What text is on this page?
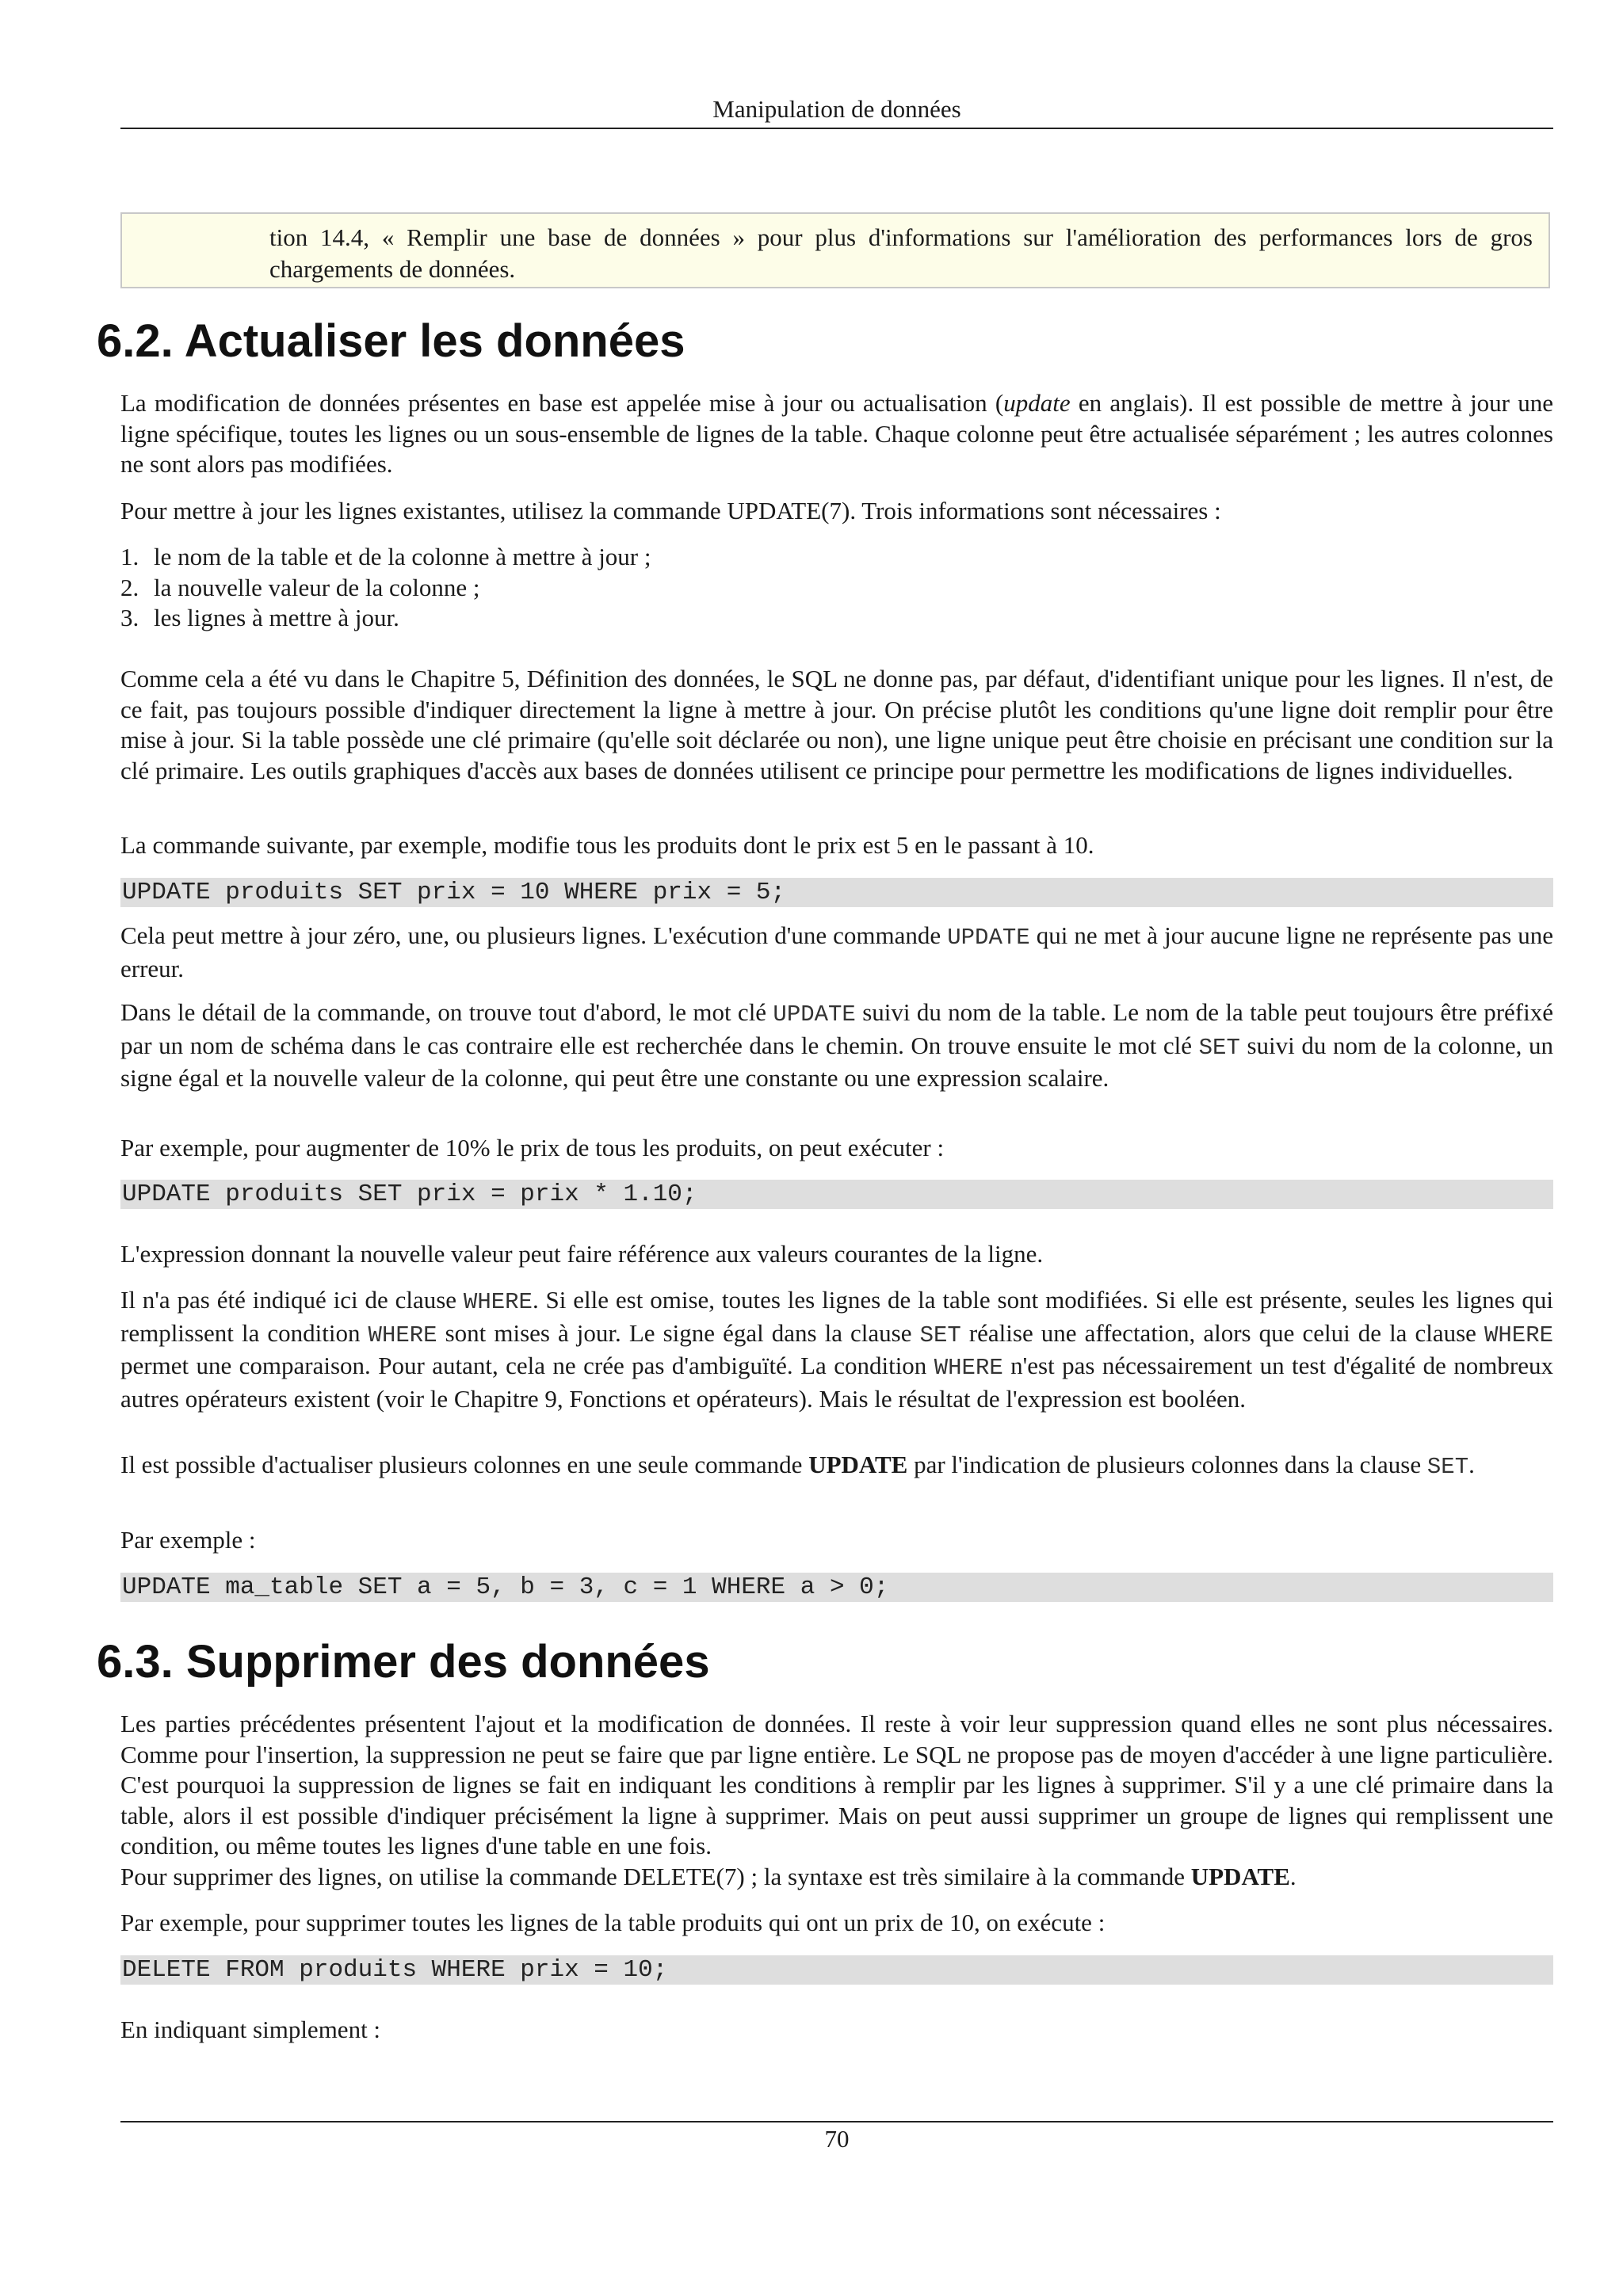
Manipulation de données

tion 14.4, « Remplir une base de données » pour plus d'informations sur l'amélioration des performances lors de gros chargements de données.

6.2. Actualiser les données

La modification de données présentes en base est appelée mise à jour ou actualisation (update en anglais). Il est possible de mettre à jour une ligne spécifique, toutes les lignes ou un sous-ensemble de lignes de la table. Chaque colonne peut être actualisée séparément ; les autres colonnes ne sont alors pas modifiées.

Pour mettre à jour les lignes existantes, utilisez la commande UPDATE(7). Trois informations sont nécessaires :

1. le nom de la table et de la colonne à mettre à jour ;
2. la nouvelle valeur de la colonne ;
3. les lignes à mettre à jour.

Comme cela a été vu dans le Chapitre 5, Définition des données, le SQL ne donne pas, par défaut, d'identifiant unique pour les lignes. Il n'est, de ce fait, pas toujours possible d'indiquer directement la ligne à mettre à jour. On précise plutôt les conditions qu'une ligne doit remplir pour être mise à jour. Si la table possède une clé primaire (qu'elle soit déclarée ou non), une ligne unique peut être choisie en précisant une condition sur la clé primaire. Les outils graphiques d'accès aux bases de données utilisent ce principe pour permettre les modifications de lignes individuelles.

La commande suivante, par exemple, modifie tous les produits dont le prix est 5 en le passant à 10.

UPDATE produits SET prix = 10 WHERE prix = 5;

Cela peut mettre à jour zéro, une, ou plusieurs lignes. L'exécution d'une commande UPDATE qui ne met à jour aucune ligne ne représente pas une erreur.

Dans le détail de la commande, on trouve tout d'abord, le mot clé UPDATE suivi du nom de la table. Le nom de la table peut toujours être préfixé par un nom de schéma dans le cas contraire elle est recherchée dans le chemin. On trouve ensuite le mot clé SET suivi du nom de la colonne, un signe égal et la nouvelle valeur de la colonne, qui peut être une constante ou une expression scalaire.

Par exemple, pour augmenter de 10% le prix de tous les produits, on peut exécuter :

UPDATE produits SET prix = prix * 1.10;

L'expression donnant la nouvelle valeur peut faire référence aux valeurs courantes de la ligne.

Il n'a pas été indiqué ici de clause WHERE. Si elle est omise, toutes les lignes de la table sont modifiées. Si elle est présente, seules les lignes qui remplissent la condition WHERE sont mises à jour. Le signe égal dans la clause SET réalise une affectation, alors que celui de la clause WHERE permet une comparaison. Pour autant, cela ne crée pas d'ambiguïté. La condition WHERE n'est pas nécessairement un test d'égalité de nombreux autres opérateurs existent (voir le Chapitre 9, Fonctions et opérateurs). Mais le résultat de l'expression est booléen.

Il est possible d'actualiser plusieurs colonnes en une seule commande UPDATE par l'indication de plusieurs colonnes dans la clause SET.

Par exemple :

UPDATE ma_table SET a = 5, b = 3, c = 1 WHERE a > 0;
6.3. Supprimer des données

Les parties précédentes présentent l'ajout et la modification de données. Il reste à voir leur suppression quand elles ne sont plus nécessaires. Comme pour l'insertion, la suppression ne peut se faire que par ligne entière. Le SQL ne propose pas de moyen d'accéder à une ligne particulière. C'est pourquoi la suppression de lignes se fait en indiquant les conditions à remplir par les lignes à supprimer. S'il y a une clé primaire dans la table, alors il est possible d'indiquer précisément la ligne à supprimer. Mais on peut aussi supprimer un groupe de lignes qui remplissent une condition, ou même toutes les lignes d'une table en une fois.

Pour supprimer des lignes, on utilise la commande DELETE(7) ; la syntaxe est très similaire à la commande UPDATE.

Par exemple, pour supprimer toutes les lignes de la table produits qui ont un prix de 10, on exécute :

DELETE FROM produits WHERE prix = 10;

En indiquant simplement :

70
